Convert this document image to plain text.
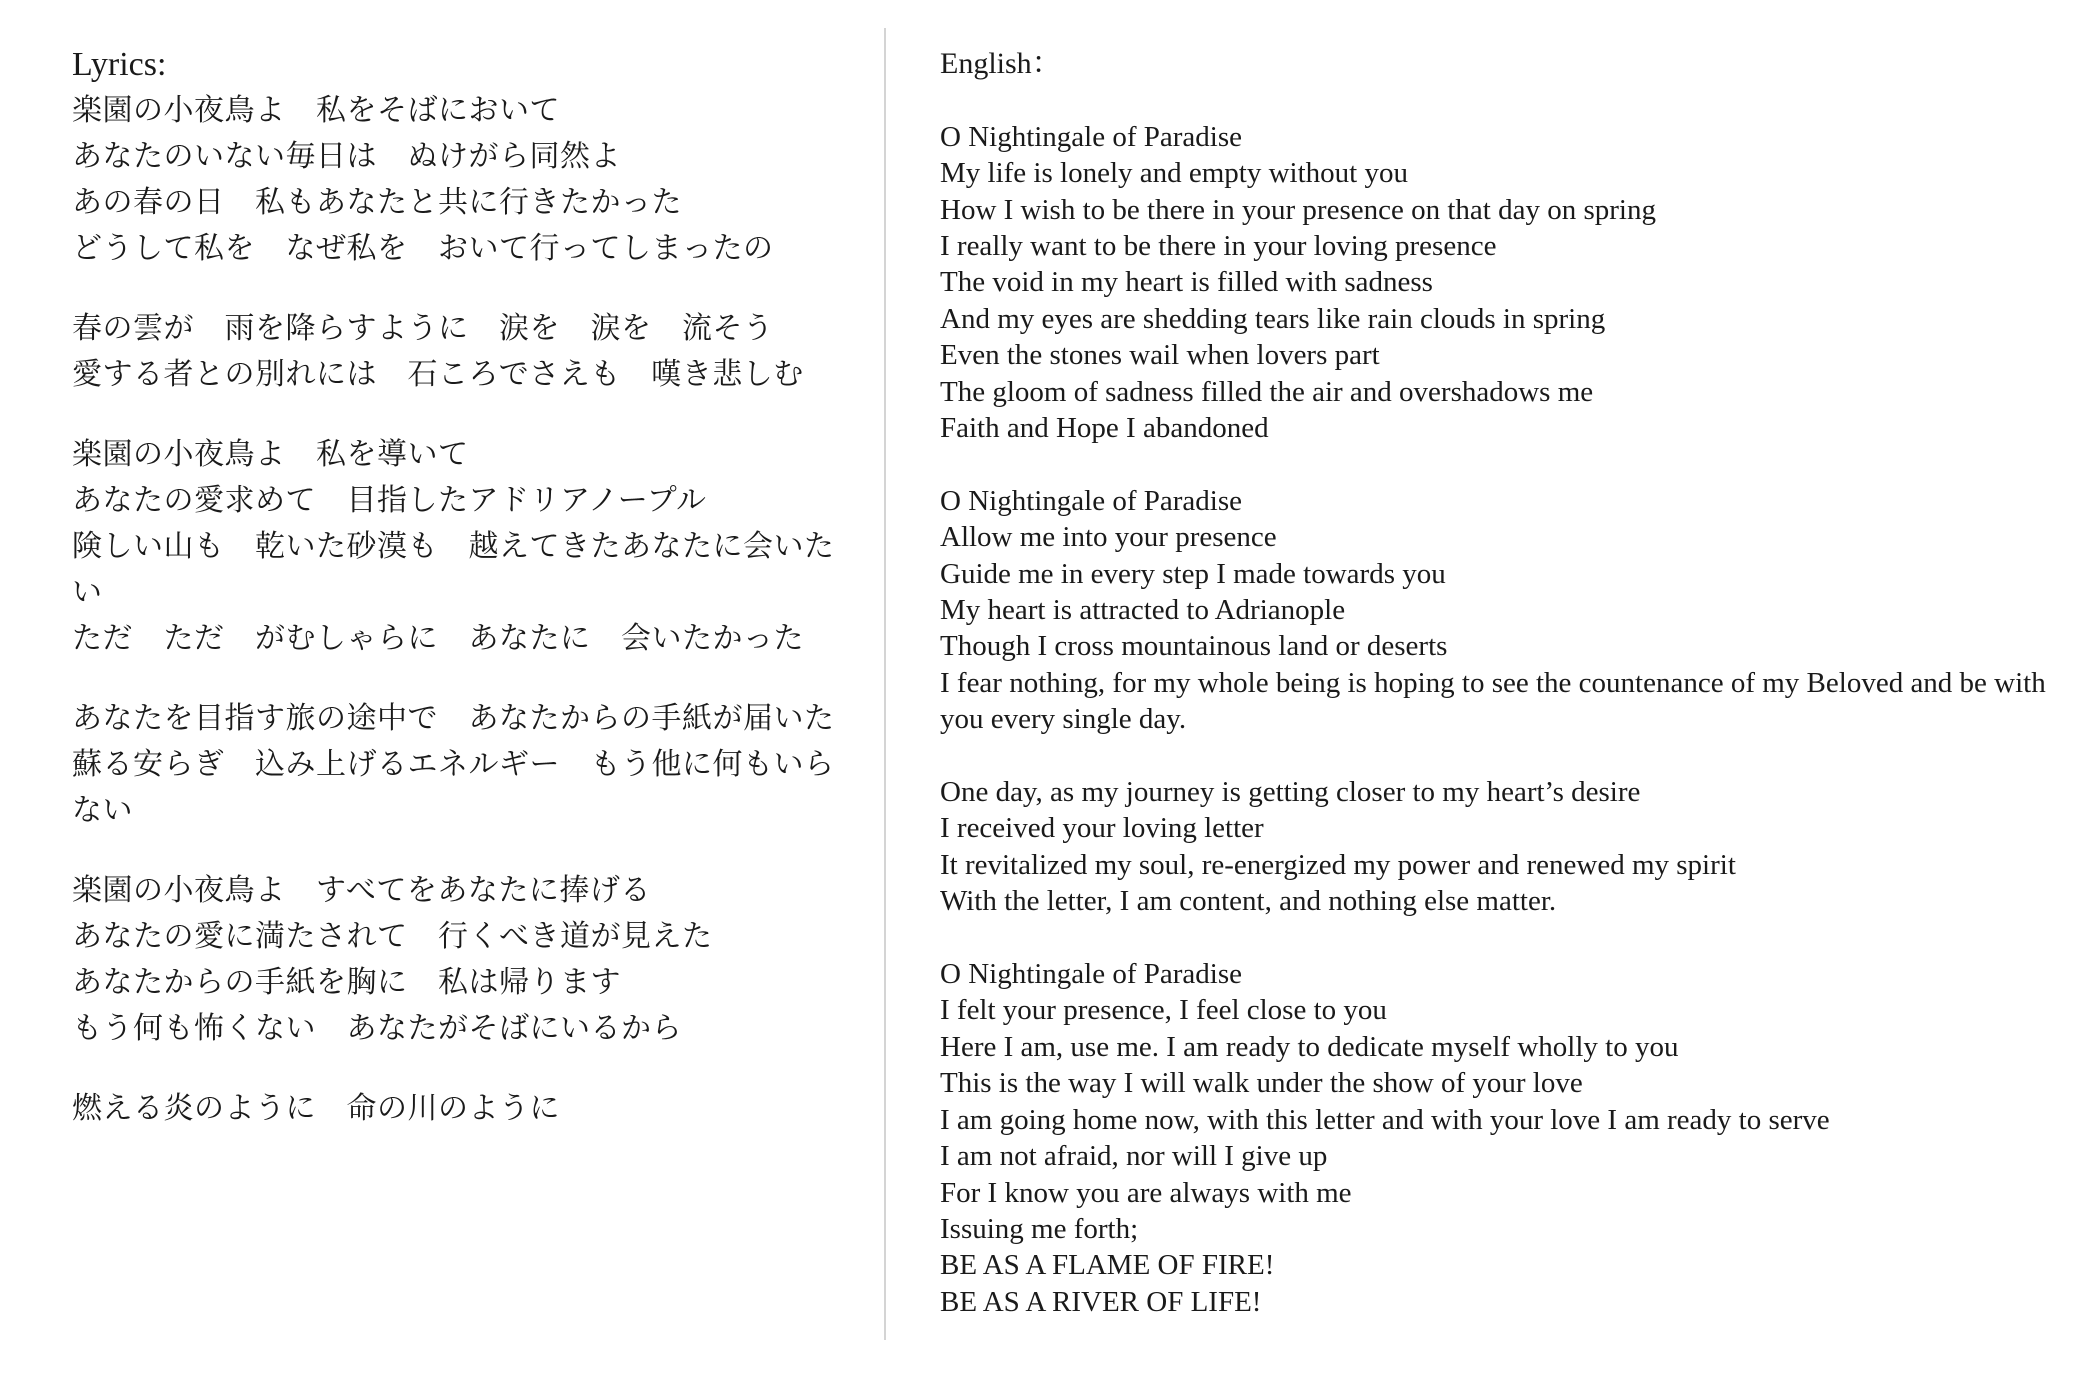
Lyrics:
楽園の小夜鳥よ　私をそばにおいて
あなたのいない毎日は　ぬけがら同然よ
あの春の日　私もあなたと共に行きたかった
どうして私を　なぜ私を　おいて行ってしまったの
春の雲が　雨を降らすように　涙を　涙を　流そう
愛する者との別れには　石ころでさえも　嘆き悲しむ
楽園の小夜鳥よ　私を導いて
あなたの愛求めて　目指したアドリアノープル
険しい山も　乾いた砂漠も　越えてきたあなたに会いたい
ただ　ただ　がむしゃらに　あなたに　会いたかった
あなたを目指す旅の途中で　あなたからの手紙が届いた
蘇る安らぎ　込み上げるエネルギー　もう他に何もいらない
楽園の小夜鳥よ　すべてをあなたに捧げる
あなたの愛に満たされて　行くべき道が見えた
あなたからの手紙を胸に　私は帰ります
もう何も怖くない　あなたがそばにいるから
燃える炎のように　命の川のように
English：
O Nightingale of Paradise
My life is lonely and empty without you
How I wish to be there in your presence on that day on spring
I really want to be there in your loving presence
The void in my heart is filled with sadness
And my eyes are shedding tears like rain clouds in spring
Even the stones wail when lovers part
The gloom of sadness filled the air and overshadows me
Faith and Hope I abandoned
O Nightingale of Paradise
Allow me into your presence
Guide me in every step I made towards you
My heart is attracted to Adrianople
Though I cross mountainous land or deserts
I fear nothing, for my whole being is hoping to see the countenance of my Beloved and be with you every single day.
One day, as my journey is getting closer to my heart’s desire
I received your loving letter
It revitalized my soul, re-energized my power and renewed my spirit
With the letter, I am content, and nothing else matter.
O Nightingale of Paradise
I felt your presence, I feel close to you
Here I am, use me. I am ready to dedicate myself wholly to you
This is the way I will walk under the show of your love
I am going home now, with this letter and with your love I am ready to serve
I am not afraid, nor will I give up
For I know you are always with me
Issuing me forth;
BE AS A FLAME OF FIRE!
BE AS A RIVER OF LIFE!
